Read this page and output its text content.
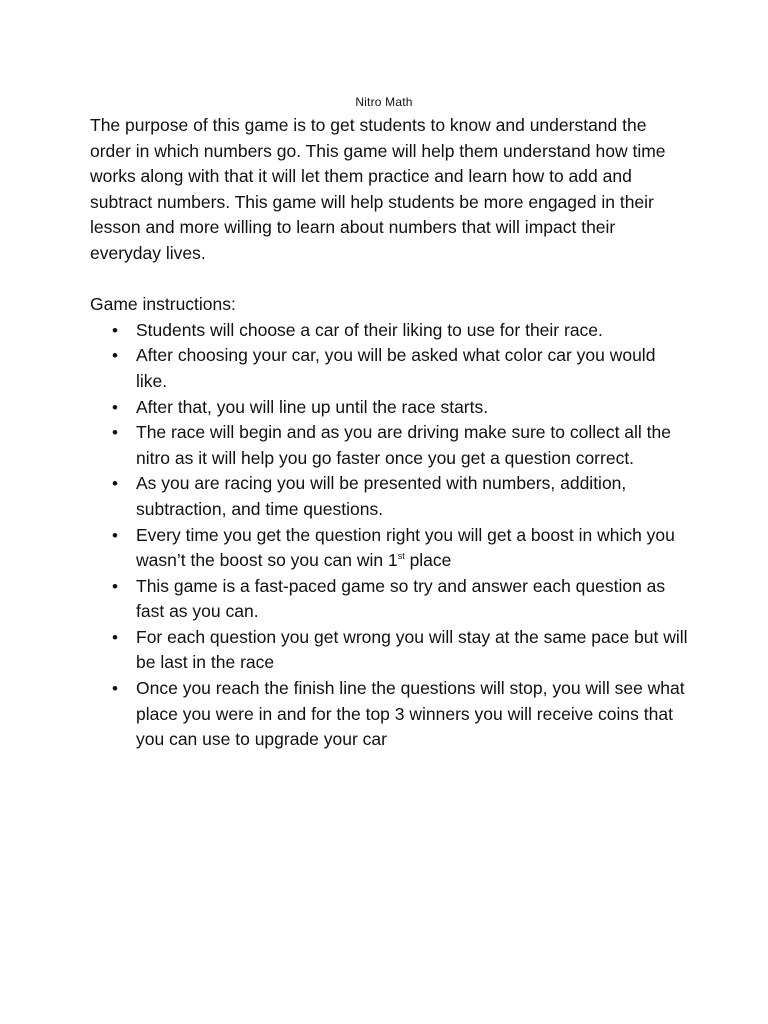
Nitro Math

The purpose of this game is to get students to know and understand the order in which numbers go. This game will help them understand how time works along with that it will let them practice and learn how to add and subtract numbers. This game will help students be more engaged in their lesson and more willing to learn about numbers that will impact their everyday lives.

Game instructions:

• Students will choose a car of their liking to use for their race.
• After choosing your car, you will be asked what color car you would like.
• After that, you will line up until the race starts.
• The race will begin and as you are driving make sure to collect all the nitro as it will help you go faster once you get a question correct.
• As you are racing you will be presented with numbers, addition, subtraction, and time questions.
• Every time you get the question right you will get a boost in which you wasn’t the boost so you can win 1st place
• This game is a fast-paced game so try and answer each question as fast as you can.
• For each question you get wrong you will stay at the same pace but will be last in the race
• Once you reach the finish line the questions will stop, you will see what place you were in and for the top 3 winners you will receive coins that you can use to upgrade your car
